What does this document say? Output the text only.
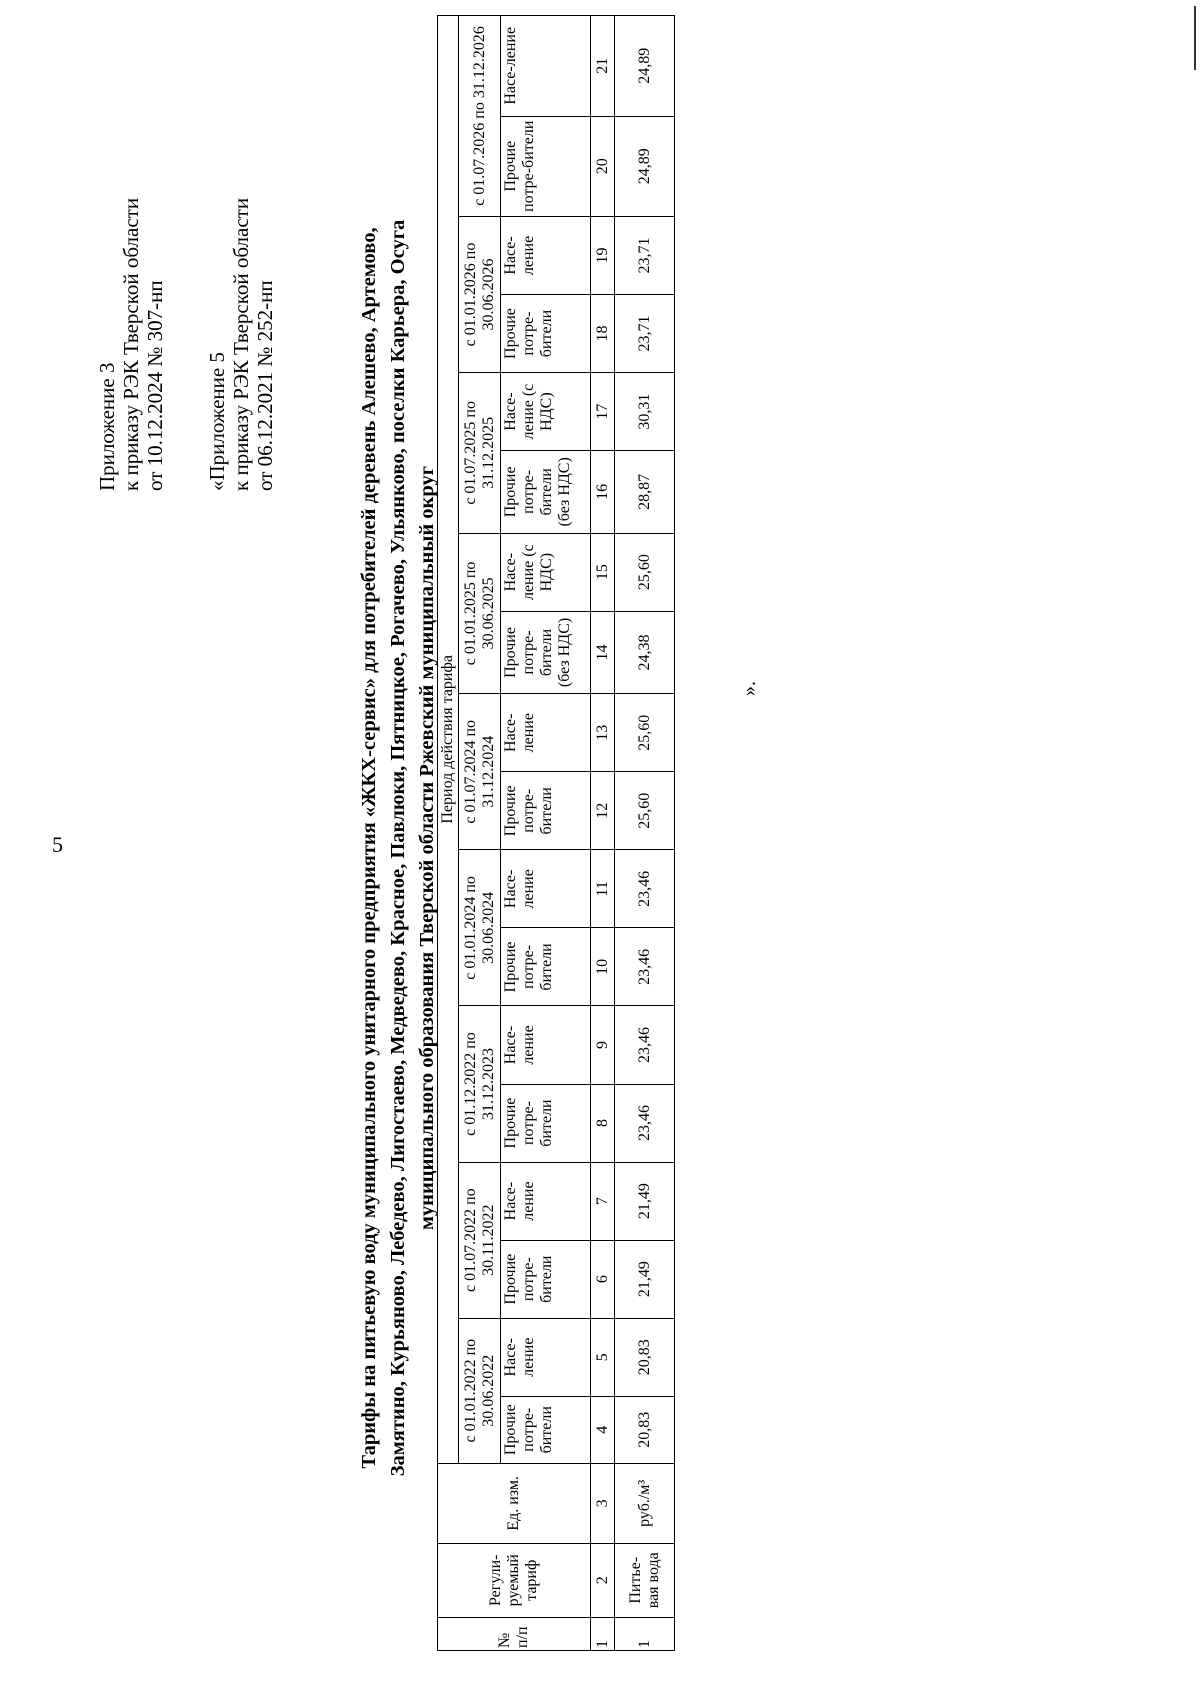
5
Приложение 3 к приказу РЭК Тверской области от 10.12.2024 № 307-нп «Приложение 5 к приказу РЭК Тверской области от 06.12.2021 № 252-нп	Тарифы на питьевую воду муниципального унитарного предприятия «ЖКХ-сервис» для потребителей деревень Алешево, Артемово, Замятино, Курьяново, Лебедево, Лигостаево, Медведево, Красное, Павлюки, Пятницкое, Рогачево, Ульянково, поселки Карьера, Осуга муниципального образования Тверской области Ржевский муниципальный округ
№ п/п	Регули-руемый тариф	Ед. изм.	Период действия тарифа																	
			с 01.01.2022 по 30.06.2022		с 01.07.2022 по 30.11.2022		с 01.12.2022 по 31.12.2023		с 01.01.2024 по 30.06.2024		с 01.07.2024 по 31.12.2024		с 01.01.2025 по 30.06.2025		с 01.07.2025 по 31.12.2025		с 01.01.2026 по 30.06.2026		с 01.07.2026 по 31.12.2026	
			Прочие потре-бители	Насе-ление	Прочие потре-бители	Насе-ление	Прочие потре-бители	Насе-ление	Прочие потре-бители	Насе-ление	Прочие потре-бители	Насе-ление	Прочие потре-бители (без НДС)	Насе-ление (с НДС)	Прочие потре-бители (без НДС)	Насе-ление (с НДС)	Прочие потре-бители	Насе-ление	Прочие потре-бители	Насе-ление
1	2	3	4	5	6	7	8	9	10	11	12	13	14	15	16	17	18	19	20	21
1	Питье-вая вода	руб./м³	20,83	20,83	21,49	21,49	23,46	23,46	23,46	23,46	25,60	25,60	24,38	25,60	28,87	30,31	23,71	23,71	24,89	24,89
».
